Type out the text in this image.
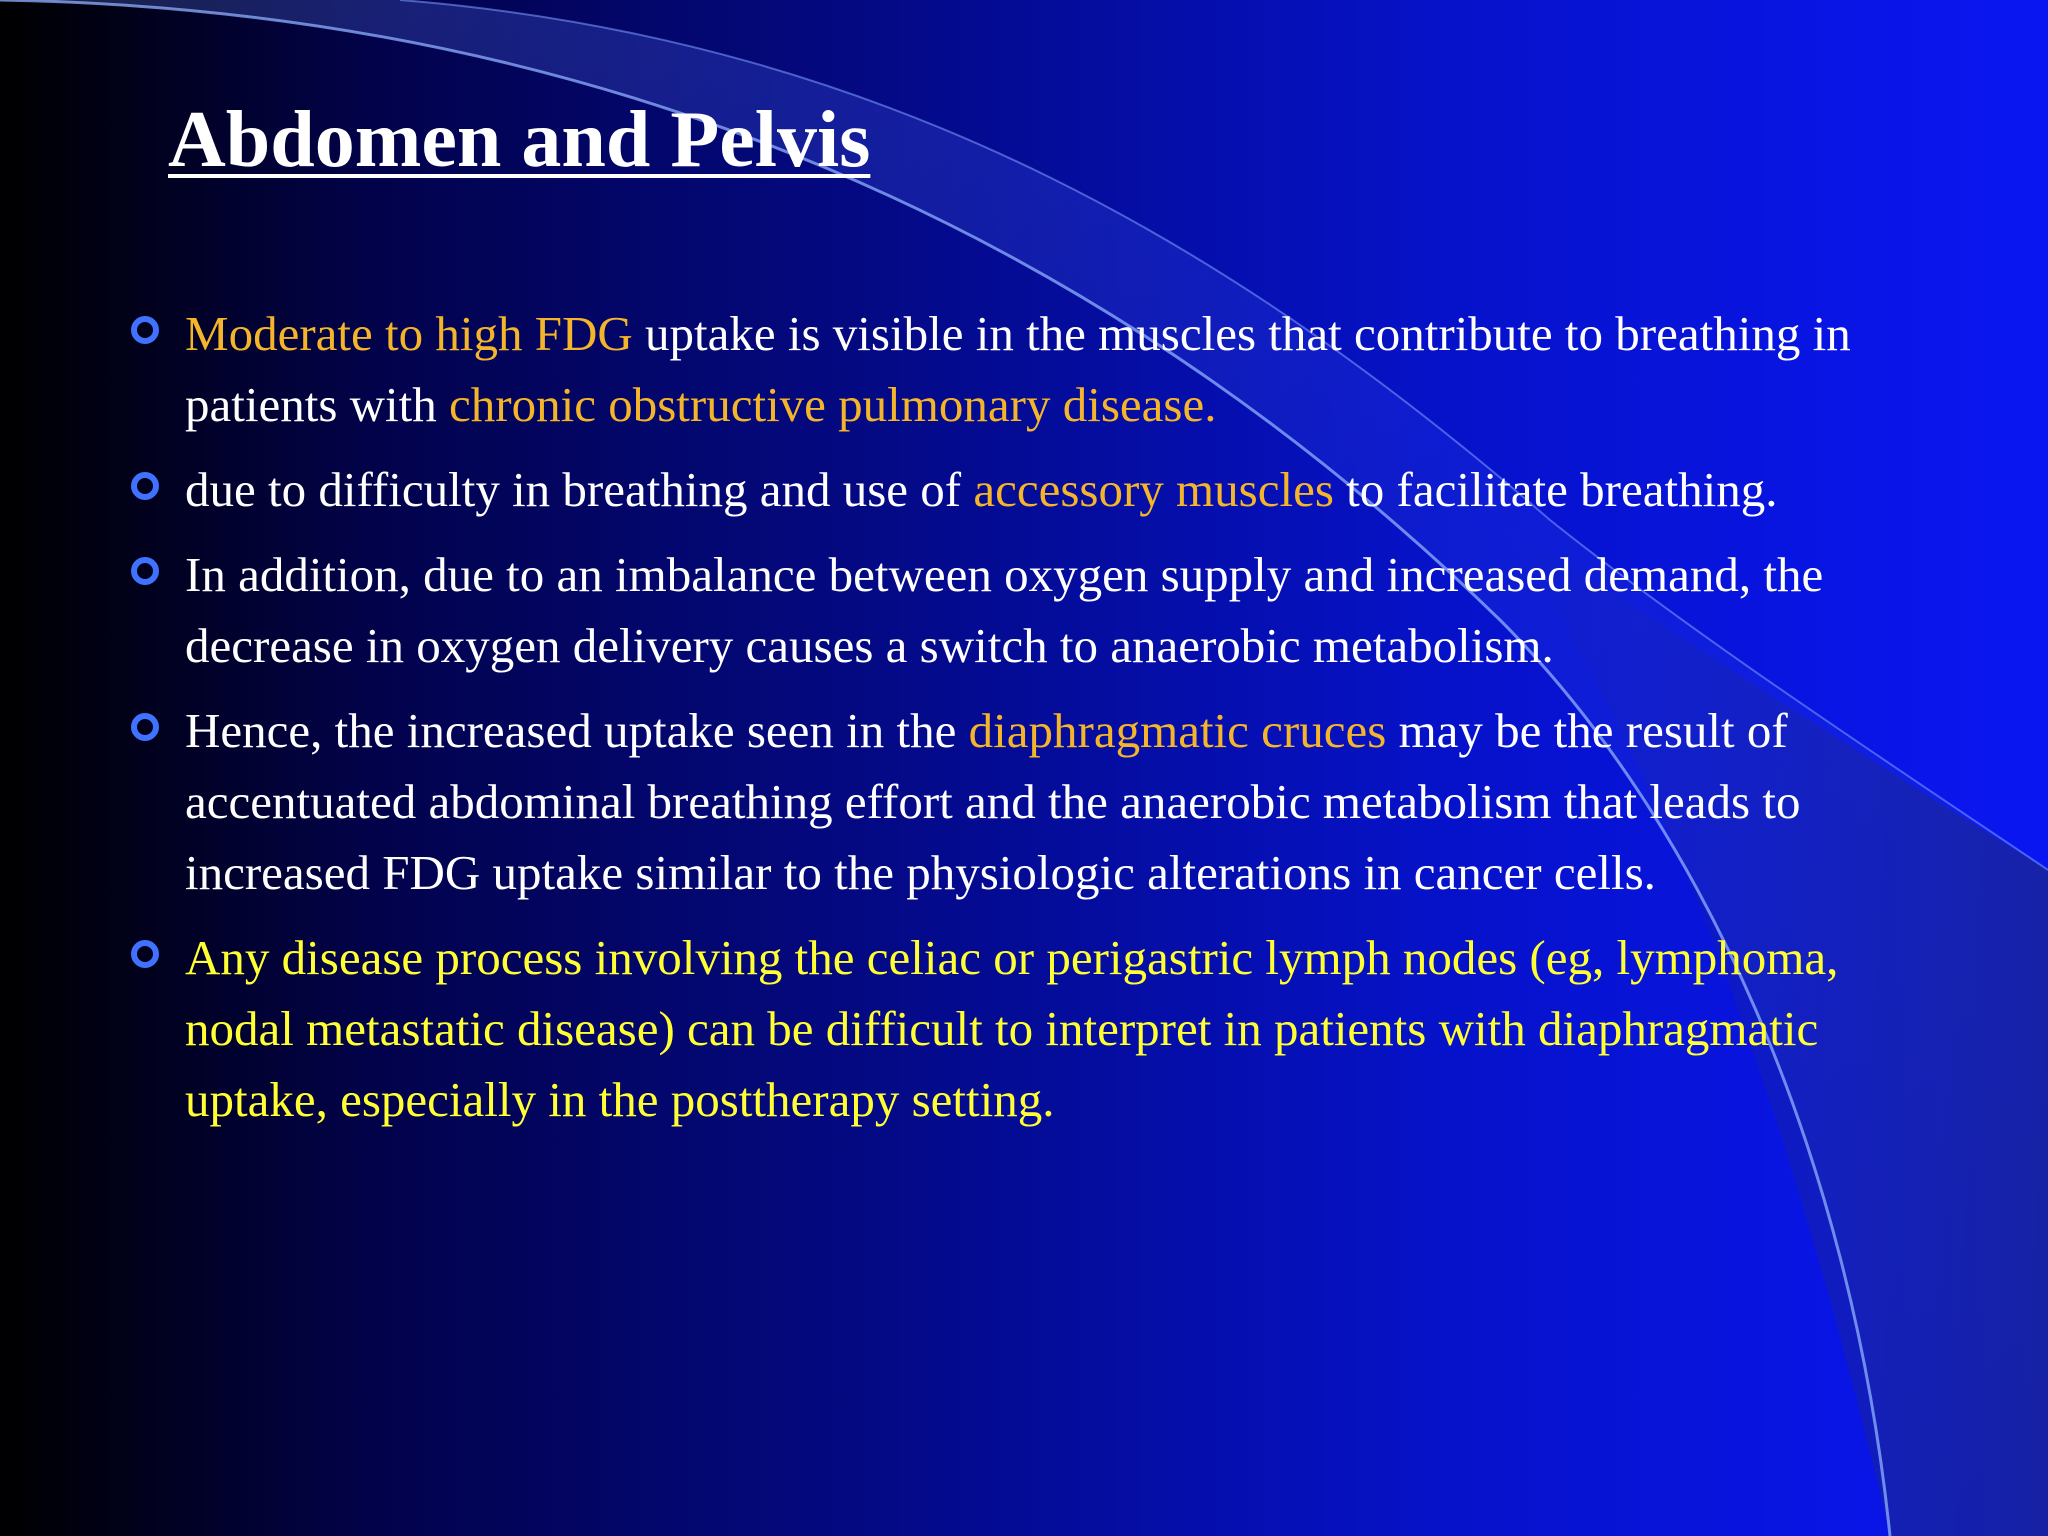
Abdomen and Pelvis
Moderate to high FDG uptake is visible in the muscles that contribute to breathing in patients with chronic obstructive pulmonary disease.
due to difficulty in breathing and use of accessory muscles to facilitate breathing.
In addition, due to an imbalance between oxygen supply and increased demand, the decrease in oxygen delivery causes a switch to anaerobic metabolism.
Hence, the increased uptake seen in the diaphragmatic cruces may be the result of accentuated abdominal breathing effort and the anaerobic metabolism that leads to increased FDG uptake similar to the physiologic alterations in cancer cells.
Any disease process involving the celiac or perigastric lymph nodes (eg, lymphoma, nodal metastatic disease) can be difficult to interpret in patients with diaphragmatic uptake, especially in the posttherapy setting.
